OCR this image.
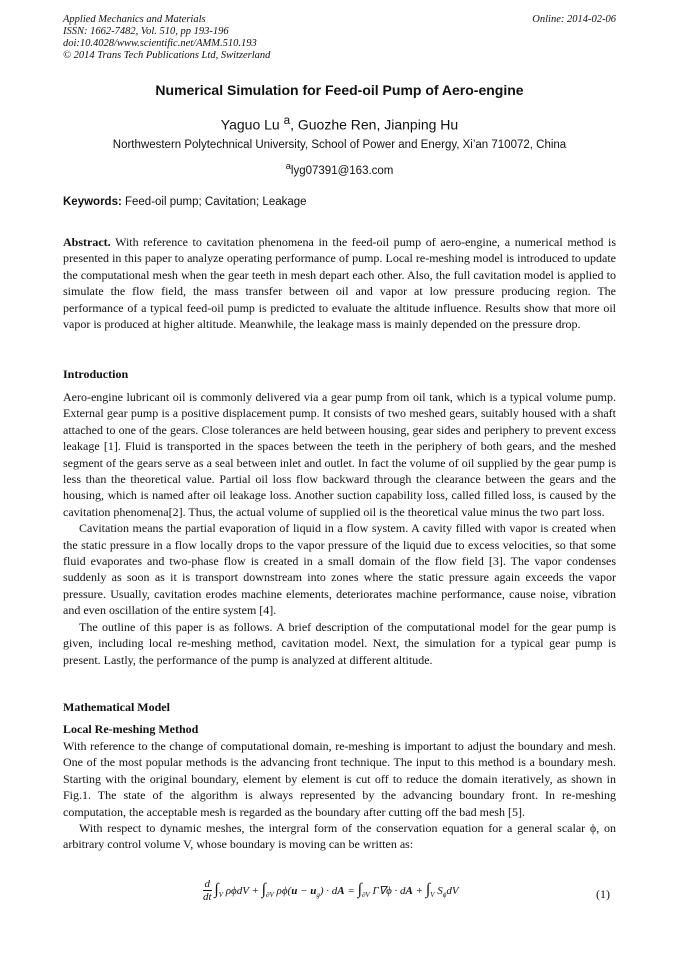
Applied Mechanics and Materials
ISSN: 1662-7482, Vol. 510, pp 193-196
doi:10.4028/www.scientific.net/AMM.510.193
© 2014 Trans Tech Publications Ltd, Switzerland
Online: 2014-02-06
Numerical Simulation for Feed-oil Pump of Aero-engine
Yaguo Lu $^a$, Guozhe Ren, Jianping Hu
Northwestern Polytechnical University, School of Power and Energy, Xi’an 710072, China
$^a$lyg07391@163.com
Keywords: Feed-oil pump; Cavitation; Leakage

Abstract. With reference to cavitation phenomena in the feed-oil pump of aero-engine, a numerical method is presented in this paper to analyze operating performance of pump. Local re-meshing model is introduced to update the computational mesh when the gear teeth in mesh depart each other. Also, the full cavitation model is applied to simulate the flow field, the mass transfer between oil and vapor at low pressure producing region. The performance of a typical feed-oil pump is predicted to evaluate the altitude influence. Results show that more oil vapor is produced at higher altitude. Meanwhile, the leakage mass is mainly depended on the pressure drop.

Introduction

Aero-engine lubricant oil is commonly delivered via a gear pump from oil tank, which is a typical volume pump. External gear pump is a positive displacement pump. It consists of two meshed gears, suitably housed with a shaft attached to one of the gears. Close tolerances are held between housing, gear sides and periphery to prevent excess leakage [1]. Fluid is transported in the spaces between the teeth in the periphery of both gears, and the meshed segment of the gears serve as a seal between inlet and outlet. In fact the volume of oil supplied by the gear pump is less than the theoretical value. Partial oil loss flow backward through the clearance between the gears and the housing, which is named after oil leakage loss. Another suction capability loss, called filled loss, is caused by the cavitation phenomena[2]. Thus, the actual volume of supplied oil is the theoretical value minus the two part loss.

Cavitation means the partial evaporation of liquid in a flow system. A cavity filled with vapor is created when the static pressure in a flow locally drops to the vapor pressure of the liquid due to excess velocities, so that some fluid evaporates and two-phase flow is created in a small domain of the flow field [3]. The vapor condenses suddenly as soon as it is transport downstream into zones where the static pressure again exceeds the vapor pressure. Usually, cavitation erodes machine elements, deteriorates machine performance, cause noise, vibration and even oscillation of the entire system [4].

The outline of this paper is as follows. A brief description of the computational model for the gear pump is given, including local re-meshing method, cavitation model. Next, the simulation for a typical gear pump is present. Lastly, the performance of the pump is analyzed at different altitude.

Mathematical Model
Local Re-meshing Method

With reference to the change of computational domain, re-meshing is important to adjust the boundary and mesh. One of the most popular methods is the advancing front technique. The input to this method is a boundary mesh. Starting with the original boundary, element by element is cut off to reduce the domain iteratively, as shown in Fig.1. The state of the algorithm is always represented by the advancing boundary front. In re-meshing computation, the acceptable mesh is regarded as the boundary after cutting off the bad mesh [5].

With respect to dynamic meshes, the intergral form of the conservation equation for a general scalar ϕ, on arbitrary control volume V, whose boundary is moving can be written as:

$\frac{d}{dt} \int_V$ $\rho\phi dV + \int_{\partial V}$ $\rho\phi(u - u_g)$ · dA = $\int_{\partial V}$ Γ∇ϕ · dA + $\int_V$ $S_\phi dV$	(1)
